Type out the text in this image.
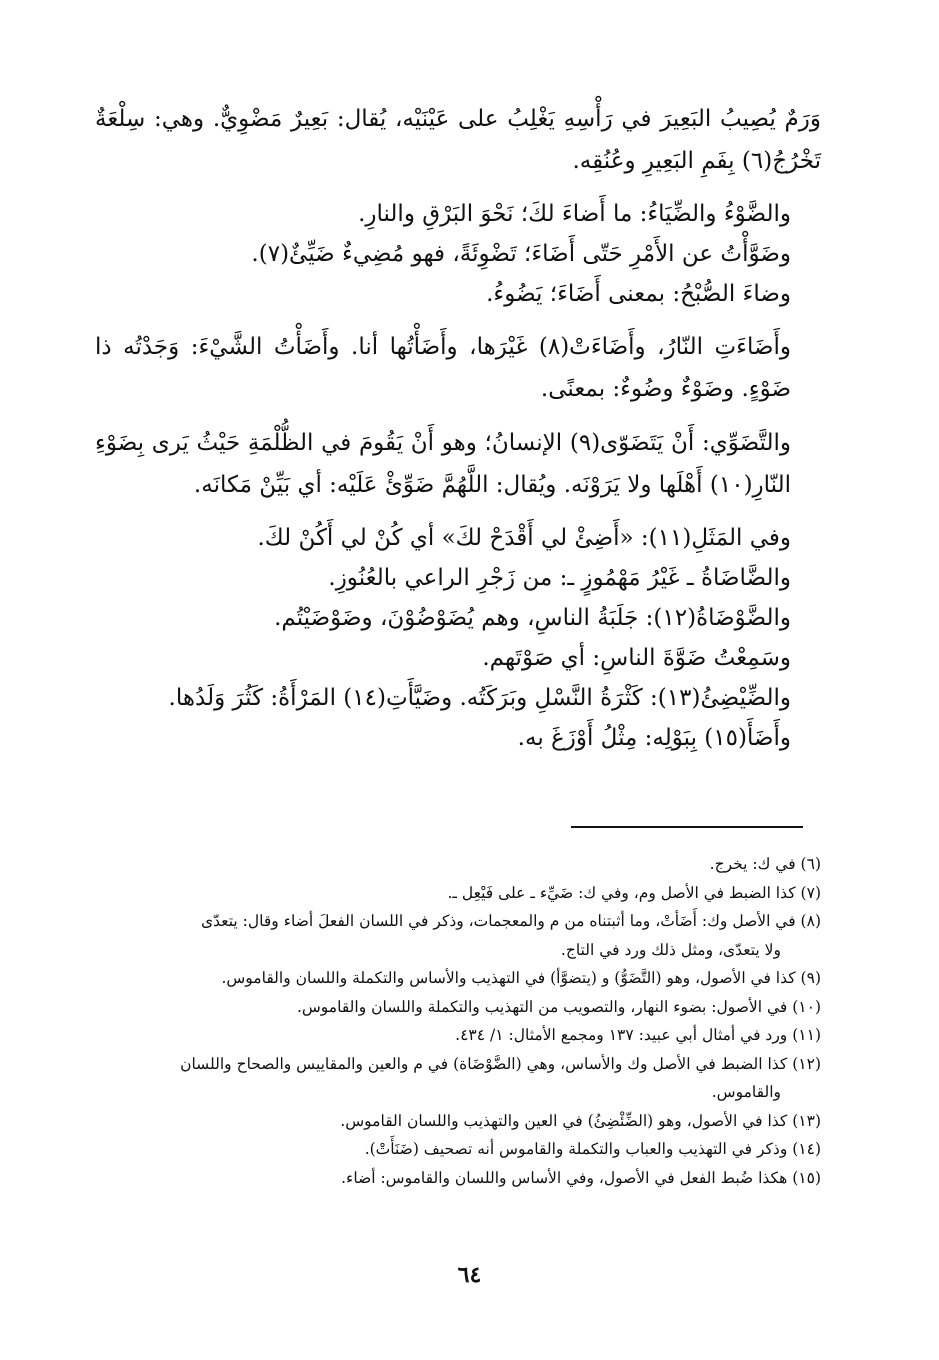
وَرَمٌ يُصِيبُ البَعِيرَ في رَأْسِهِ يَغْلِبُ على عَيْنَيْه، يُقال: بَعِيرٌ مَضْوِيٌّ. وهي: سِلْعَةٌ تَخْرُجُ(٦) بِفَمِ البَعِيرِ وعُنُقِه.

والضَّوْءُ والضِّيَاءُ: ما أَضاءَ لكَ؛ نَحْوَ البَرْقِ والنارِ.
وضَوَّأْتُ عن الأَمْرِ حَتّى أَضَاءَ؛ تَضْوِئَةً، فهو مُضِيءٌ ضَيِّئٌ(٧).
وضاءَ الصُّبْحُ: بمعنى أَضَاءَ؛ يَضُوءُ.

وأَضَاءَتِ النّارُ، وأَضَاءَتْ(٨) غَيْرَها، وأَضَأْتُها أنا. وأَضَأْتُ الشَّيْءَ: وَجَدْتُه ذا ضَوْءٍ. وضَوْءٌ وضُوءٌ: بمعنًى.

والتَّضَوِّي: أَنْ يَتَضَوّى(٩) الإنسانُ؛ وهو أَنْ يَقُومَ في الظُّلْمَةِ حَيْثُ يَرى بِضَوْءِ النّارِ(١٠) أَهْلَها ولا يَرَوْنَه. ويُقال: اللَّهُمَّ ضَوِّئْ عَلَيْه: أي بَيِّنْ مَكانَه.

وفي المَثَلِ(١١): «أَضِئْ لي أَقْدَحْ لكَ» أي كُنْ لي أَكُنْ لكَ.
والضَّاضَاةُ ـ غَيْرُ مَهْمُوزٍ ـ: من زَجْرِ الراعي بالعُنُوزِ.
والضَّوْضَاةُ(١٢): جَلَبَةُ الناسِ، وهم يُضَوْضُوْنَ، وضَوْضَيْتُم.
وسَمِعْتُ ضَوَّةَ الناسِ: أي صَوْتَهم.
والضِّيْضِئُ(١٣): كَثْرَةُ النَّسْلِ وبَرَكَتُه. وضَيَّأَتِ(١٤) المَرْأَةُ: كَثُرَ وَلَدُها.
وأَضَأَ(١٥) بِبَوْلِه: مِثْلُ أَوْزَغَ به.

(٦) في ك: يخرج.

(٧) كذا الضبط في الأصل وم، وفي ك: ضَيِّء ـ على فَيْعِل ـ.

(٨) في الأصل وك: أَضَأتْ، وما أثبتناه من م والمعجمات، وذكر في اللسان الفعلَ أضاء وقال: يتعدّى

ولا يتعدّى، ومثل ذلك ورد في التاج.

(٩) كذا في الأصول، وهو (التَّضَوُّ) و (يتضوَّأ) في التهذيب والأساس والتكملة واللسان والقاموس.

(١٠) في الأصول: بضوء النهار، والتصويب من التهذيب والتكملة واللسان والقاموس.

(١١) ورد في أمثال أبي عبيد: ١٣٧ ومجمع الأمثال: ١/ ٤٣٤.

(١٢) كذا الضبط في الأصل وك والأساس، وهي (الضَّوْضَاة) في م والعين والمقاييس والصحاح واللسان

والقاموس.

(١٣) كذا في الأصول، وهو (الضِّئْضِئُ) في العين والتهذيب واللسان القاموس.

(١٤) وذكر في التهذيب والعباب والتكملة والقاموس أنه تصحيف (ضَنَأَتْ).

(١٥) هكذا ضُبط الفعل في الأصول، وفي الأساس واللسان والقاموس: أضاء.

٦٤
